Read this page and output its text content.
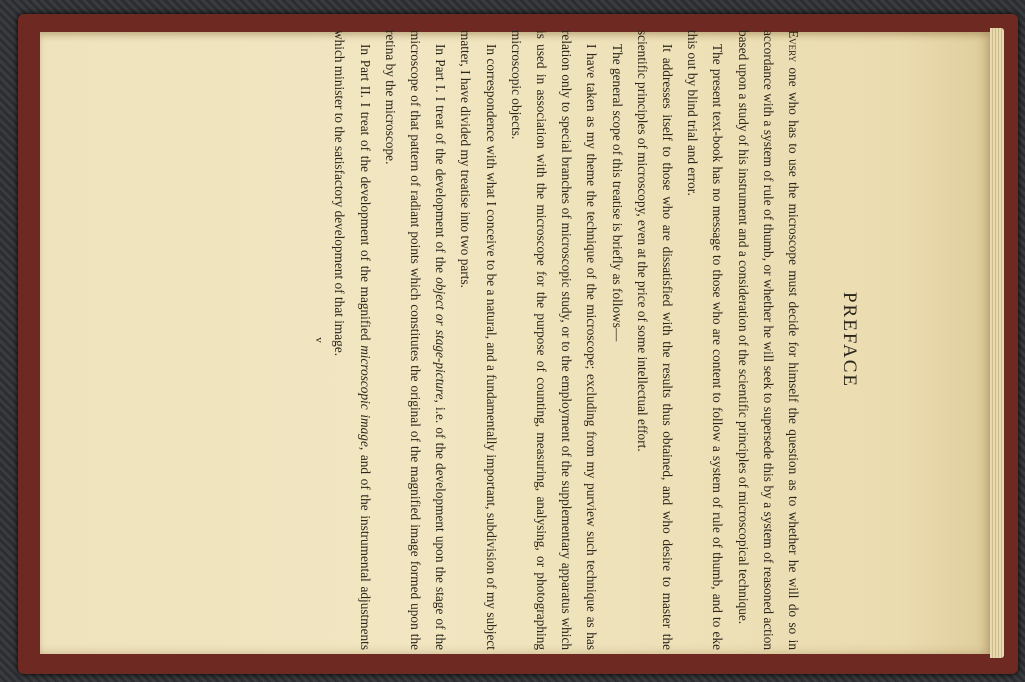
PREFACE

Every one who has to use the microscope must decide for himself the question as to whether he will do so in accordance with a system of rule of thumb, or whether he will seek to supersede this by a system of reasoned action based upon a study of his instrument and a consideration of the scientific principles of microscopical technique.

The present text-book has no message to those who are content to follow a system of rule of thumb, and to eke this out by blind trial and error.

It addresses itself to those who are dissatisfied with the results thus obtained, and who desire to master the scientific principles of microscopy, even at the price of some intellectual effort.

The general scope of this treatise is briefly as follows—

I have taken as my theme the technique of the microscope; excluding from my purview such technique as has relation only to special branches of microscopic study, or to the employment of the supplementary apparatus which is used in association with the microscope for the purpose of counting, measuring, analysing, or photographing microscopic objects.

In correspondence with what I conceive to be a natural, and a fundamentally important, subdivision of my subject matter, I have divided my treatise into two parts.

In Part I. I treat of the development of the object or stage-picture, i.e. of the development upon the stage of the microscope of that pattern of radiant points which constitutes the original of the magnified image formed upon the retina by the microscope.

In Part II. I treat of the development of the magnified microscopic image, and of the instrumental adjustments which minister to the satisfactory development of that image.

v
